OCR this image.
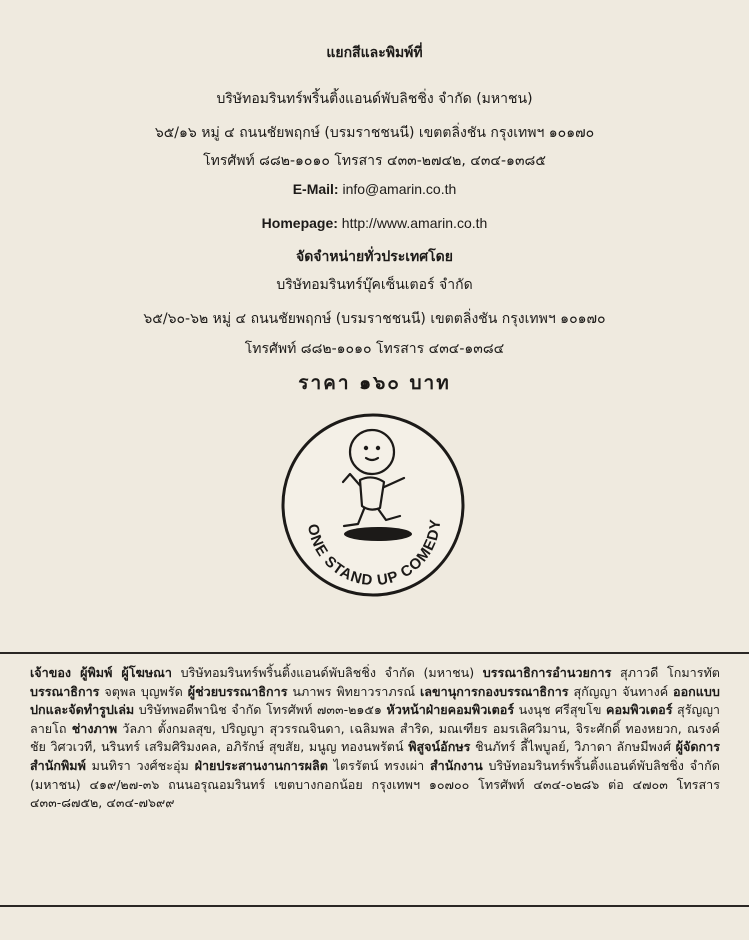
แยกสีและพิมพ์ที่
บริษัทอมรินทร์พริ้นติ้งแอนด์พับลิชชิ่ง จำกัด (มหาชน)
๖๕/๑๖ หมู่ ๔ ถนนชัยพฤกษ์ (บรมราชชนนี) เขตตลิ่งชัน กรุงเทพฯ ๑๐๑๗๐
โทรศัพท์ ๘๘๒-๑๐๑๐ โทรสาร ๔๓๓-๒๗๔๒, ๔๓๔-๑๓๘๕
E-Mail: info@amarin.co.th
Homepage: http://www.amarin.co.th
จัดจำหน่ายทั่วประเทศโดย
บริษัทอมรินทร์บุ๊คเซ็นเตอร์ จำกัด
๖๕/๖๐-๖๒ หมู่ ๔ ถนนชัยพฤกษ์ (บรมราชชนนี) เขตตลิ่งชัน กรุงเทพฯ ๑๐๑๗๐
โทรศัพท์ ๘๘๒-๑๐๑๐ โทรสาร ๔๓๔-๑๓๘๔
ราคา ๑๖๐ บาท
ONE STAND UP COMEDY
เจ้าของ ผู้พิมพ์ ผู้โฆษณา บริษัทอมรินทร์พริ้นติ้งแอนด์พับลิชชิ่ง จำกัด (มหาชน) บรรณาธิการอำนวยการ สุภาวดี โกมารทัต บรรณาธิการ จตุพล บุญพรัด ผู้ช่วยบรรณาธิการ นภาพร พิทยาวราภรณ์ เลขานุการกองบรรณาธิการ สุกัญญา จันทางค์ ออกแบบปกและจัดทำรูปเล่ม บริษัทพอดีพานิช จำกัด โทรศัพท์ ๗๓๓-๒๑๕๑ หัวหน้าฝ่ายคอมพิวเตอร์ นงนุช ศรีสุขโข คอมพิวเตอร์ สุรัญญา ลายโถ ช่างภาพ วัลภา ตั้งกมลสุข, ปริญญา สุวรรณจินดา, เฉลิมพล สำริด, มณเฑียร อมรเลิศวิมาน, จิระศักดิ์ ทองหยวก, ณรงค์ชัย วิศวเวที, นรินทร์ เสริมศิริมงคล, อภิรักษ์ สุขสัย, มนูญ ทองนพรัตน์ พิสูจน์อักษร ชินภัทร์ ลี้ไพบูลย์, วิภาดา ลักษมีพงศ์ ผู้จัดการสำนักพิมพ์ มนทิรา วงศ์ชะอุ่ม ฝ่ายประสานงานการผลิต ไตรรัตน์ ทรงเผ่า สำนักงาน บริษัทอมรินทร์พริ้นติ้งแอนด์พับลิชชิ่ง จำกัด (มหาชน) ๔๑๙/๒๗-๓๖ ถนนอรุณอมรินทร์ เขตบางกอกน้อย กรุงเทพฯ ๑๐๗๐๐ โทรศัพท์ ๔๓๔-๐๒๘๖ ต่อ ๔๗๐๓ โทรสาร ๔๓๓-๘๗๕๒, ๔๓๔-๗๖๙๙
